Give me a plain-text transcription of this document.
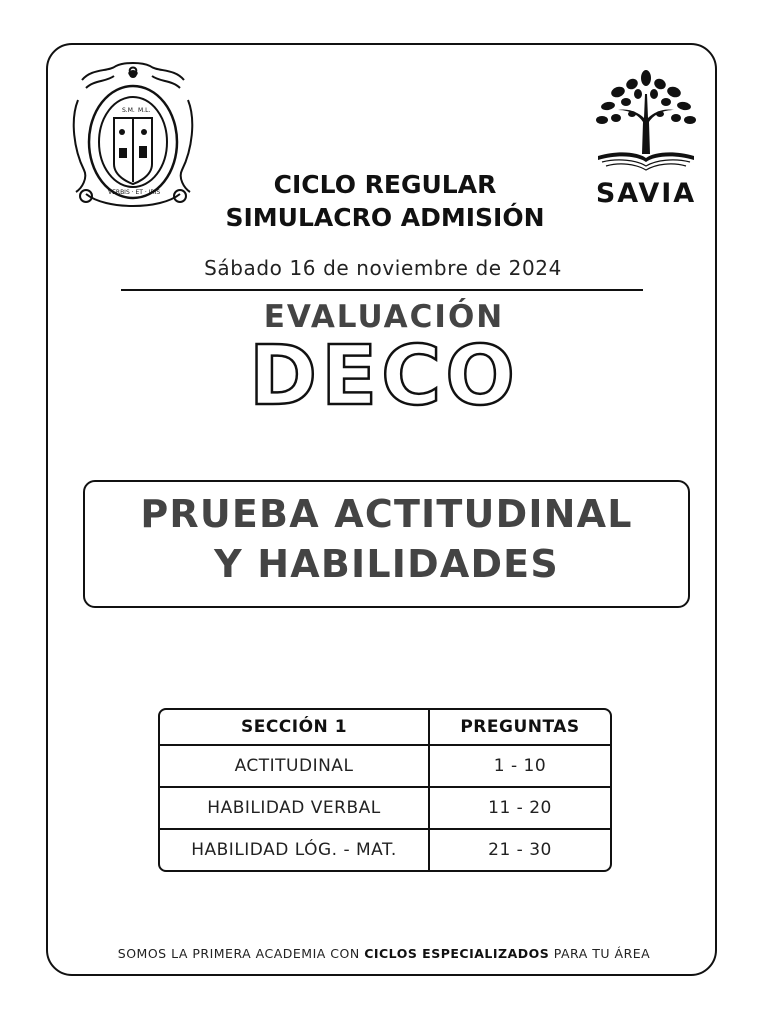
S.M. M.L.
VERBIS · ET · IRIS	SAVIA
CICLO REGULAR
SIMULACRO ADMISIÓN
Sábado 16 de noviembre de 2024
EVALUACIÓN
DECO
PRUEBA ACTITUDINAL
Y HABILIDADES
SECCIÓN 1	PREGUNTAS
ACTITUDINAL	1 - 10
HABILIDAD VERBAL	11 - 20
HABILIDAD LÓG. - MAT.	21 - 30
SOMOS LA PRIMERA ACADEMIA CON CICLOS ESPECIALIZADOS PARA TU ÁREA
